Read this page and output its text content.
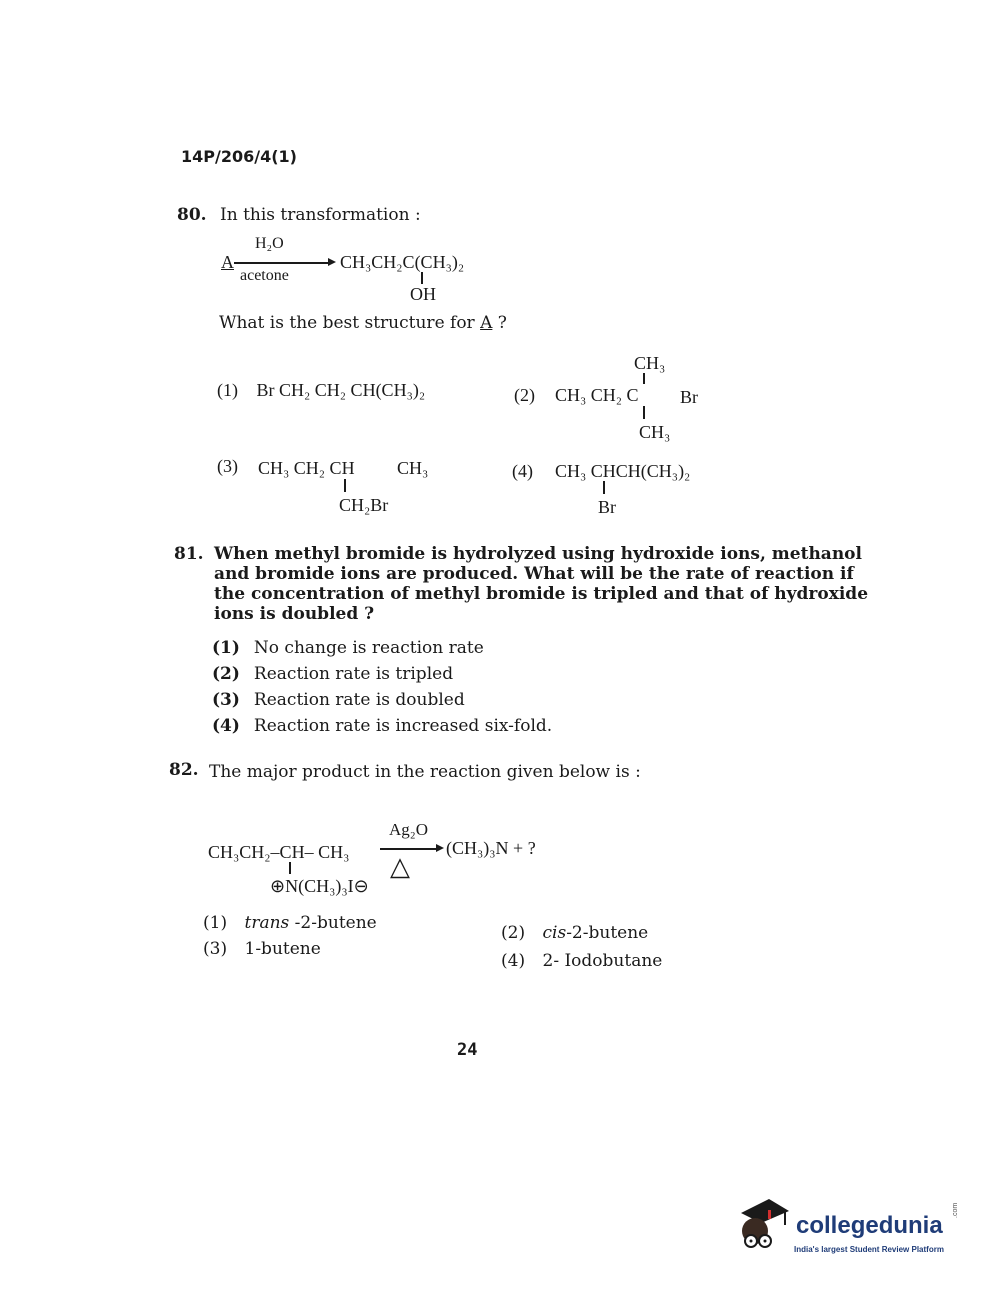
14P/206/4(1)
80. In this transformation :
A
H₂O
acetone
CH₃CH₂C(CH₃)₂
OH
What is the best structure for A ?
(1) Br CH₂ CH₂ CH(CH₃)₂	(2) CH₃ CH₂ C
CH₃
Br
CH₃
(3) CH₃ CH₂ CH CH₃
CH₂Br
(4) CH₃ CHCH(CH₃)₂
Br
81. When methyl bromide is hydrolyzed using hydroxide ions, methanol
and bromide ions are produced. What will be the rate of reaction if
the concentration of methyl bromide is tripled and that of hydroxide
ions is doubled ?
(1) No change is reaction rate
(2) Reaction rate is tripled
(3) Reaction rate is doubled
(4) Reaction rate is increased six-fold.
82. The major product in the reaction given below is :
CH₃CH₂–CH– CH₃
⊕N(CH₃)₃I⊖
Ag₂O
△
(CH₃)₃N + ?
(1) trans -2-butene
(3) 1-butene
(2) cis-2-butene
(4) 2- Iodobutane
24
collegedunia
.com
India's largest Student Review Platform
